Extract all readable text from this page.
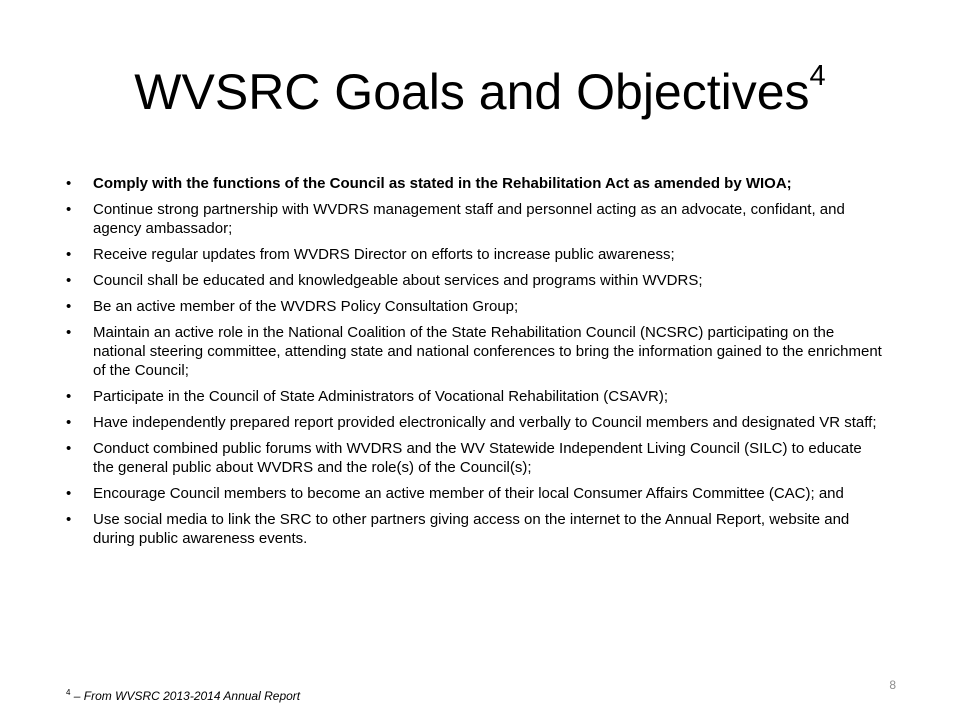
WVSRC Goals and Objectives$^4$
• Comply with the functions of the Council as stated in the Rehabilitation Act as amended by WIOA;
• Continue strong partnership with WVDRS management staff and personnel acting as an advocate, confidant, and agency ambassador;
• Receive regular updates from WVDRS Director on efforts to increase public awareness;
• Council shall be educated and knowledgeable about services and programs within WVDRS;
• Be an active member of the WVDRS Policy Consultation Group;
• Maintain an active role in the National Coalition of the State Rehabilitation Council (NCSRC) participating on the national steering committee, attending state and national conferences to bring the information gained to the enrichment of the Council;
• Participate in the Council of State Administrators of Vocational Rehabilitation (CSAVR);
• Have independently prepared report provided electronically and verbally to Council members and designated VR staff;
• Conduct combined public forums with WVDRS and the WV Statewide Independent Living Council (SILC) to educate the general public about WVDRS and the role(s) of the Council(s);
• Encourage Council members to become an active member of their local Consumer Affairs Committee (CAC); and
• Use social media to link the SRC to other partners giving access on the internet to the Annual Report, website and during public awareness events.
$^4$ – From WVSRC 2013-2014 Annual Report
8
